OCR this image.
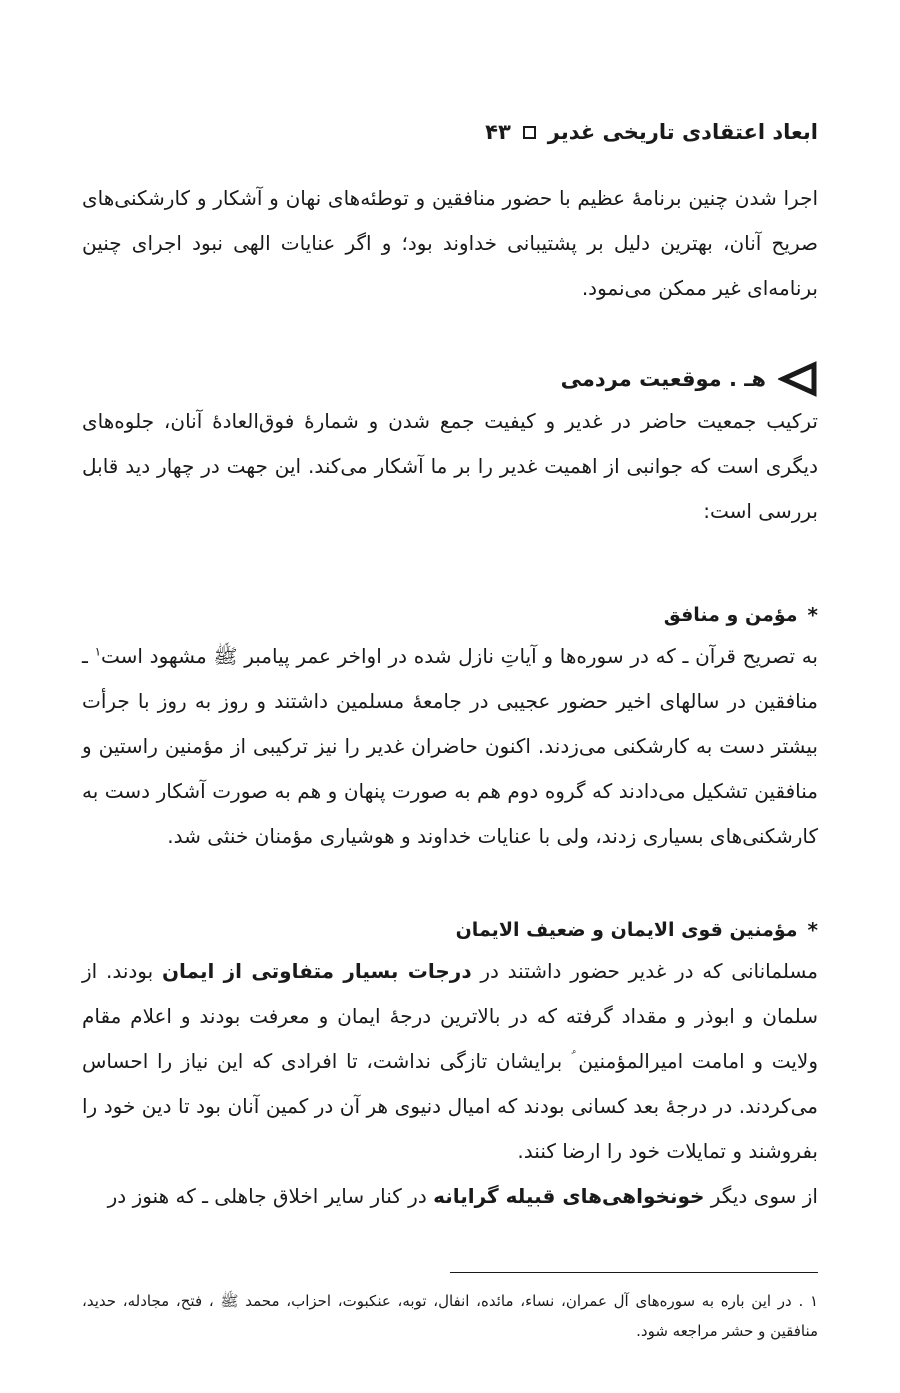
ابعاد اعتقادی تاریخی غدیر
۴۳

اجرا شدن چنین برنامهٔ عظیم با حضور منافقین و توطئه‌های نهان و آشکار و کارشکنی‌های صریح آنان، بهترین دلیل بر پشتیبانی خداوند بود؛ و اگر عنایات الهی نبود اجرای چنین برنامه‌ای غیر ممکن می‌نمود.

هـ . موقعیت مردمی

ترکیب جمعیت حاضر در غدیر و کیفیت جمع شدن و شمارهٔ فوق‌العادهٔ آنان، جلوه‌های دیگری است که جوانبی از اهمیت غدیر را بر ما آشکار می‌کند. این جهت در چهار دید قابل بررسی است:

*
مؤمن و منافق

به تصریح قرآن ـ که در سوره‌ها و آیاتِ نازل شده در اواخر عمر پیامبر ﷺ مشهود است$^۱$ ـ منافقین در سالهای اخیر حضور عجیبی در جامعهٔ مسلمین داشتند و روز به روز با جرأت بیشتر دست به کارشکنی می‌زدند. اکنون حاضران غدیر را نیز ترکیبی از مؤمنین راستین و منافقین تشکیل می‌دادند که گروه دوم هم به صورت پنهان و هم به صورت آشکار دست به کارشکنی‌های بسیاری زدند، ولی با عنایات خداوند و هوشیاری مؤمنان خنثی شد.

*
مؤمنین قوی الایمان و ضعیف الایمان

مسلمانانی که در غدیر حضور داشتند در درجات بسیار متفاوتی از ایمان بودند. از سلمان و ابوذر و مقداد گرفته که در بالاترین درجهٔ ایمان و معرفت بودند و اعلام مقام ولایت و امامت امیرالمؤمنین ؑ برایشان تازگی نداشت، تا افرادی که این نیاز را احساس می‌کردند. در درجهٔ بعد کسانی بودند که امیال دنیوی هر آن در کمین آنان بود تا دین خود را بفروشند و تمایلات خود را ارضا کنند.

از سوی دیگر خونخواهی‌های قبیله گرایانه در کنار سایر اخلاق جاهلی ـ که هنوز در

۱ . در این باره به سوره‌های آل عمران، نساء، مائده، انفال، توبه، عنکبوت، احزاب، محمد ﷺ ، فتح، مجادله، حدید، منافقین و حشر مراجعه شود.
